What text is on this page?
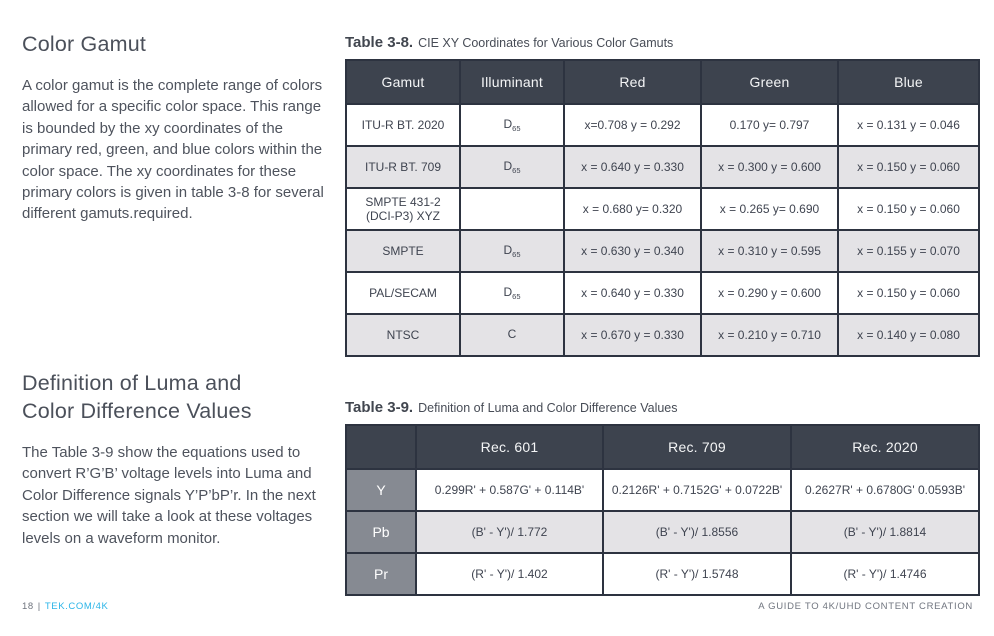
Color Gamut

A color gamut is the complete range of colors allowed for a specific color space. This range is bounded by the xy coordinates of the primary red, green, and blue colors within the color space. The xy coordinates for these primary colors is given in table 3-8 for several different gamuts.required.

Definition of Luma and Color Difference Values

The Table 3-9 show the equations used to convert R’G’B’ voltage levels into Luma and Color Difference signals Y’P’bP’r. In the next section we will take a look at these voltages levels on a waveform monitor.

Table 3-8. CIE XY Coordinates for Various Color Gamuts
Gamut	Illuminant	Red	Green	Blue
ITU-R BT. 2020	$D_{65}$	x=0.708 y = 0.292	0.170 y= 0.797	x = 0.131 y = 0.046
ITU-R BT. 709	$D_{65}$	x = 0.640 y = 0.330	x = 0.300 y = 0.600	x = 0.150 y = 0.060
SMPTE 431-2 (DCI-P3) XYZ		x = 0.680 y= 0.320	x = 0.265 y= 0.690	x = 0.150 y = 0.060
SMPTE	$D_{65}$	x = 0.630 y = 0.340	x = 0.310 y = 0.595	x = 0.155 y = 0.070
PAL/SECAM	$D_{65}$	x = 0.640 y = 0.330	x = 0.290 y = 0.600	x = 0.150 y = 0.060
NTSC	C	x = 0.670 y = 0.330	x = 0.210 y = 0.710	x = 0.140 y = 0.080
Table 3-9. Definition of Luma and Color Difference Values
	Rec. 601	Rec. 709	Rec. 2020
Y	0.299R' + 0.587G' + 0.114B'	0.2126R' + 0.7152G' + 0.0722B'	0.2627R' + 0.6780G' 0.0593B'
Pb	(B' - Y')/ 1.772	(B' - Y')/ 1.8556	(B' - Y')/ 1.8814
Pr	(R' - Y')/ 1.402	(R' - Y')/ 1.5748	(R' - Y')/ 1.4746
18 | TEK.COM/4K	A GUIDE TO 4K/UHD CONTENT CREATION
